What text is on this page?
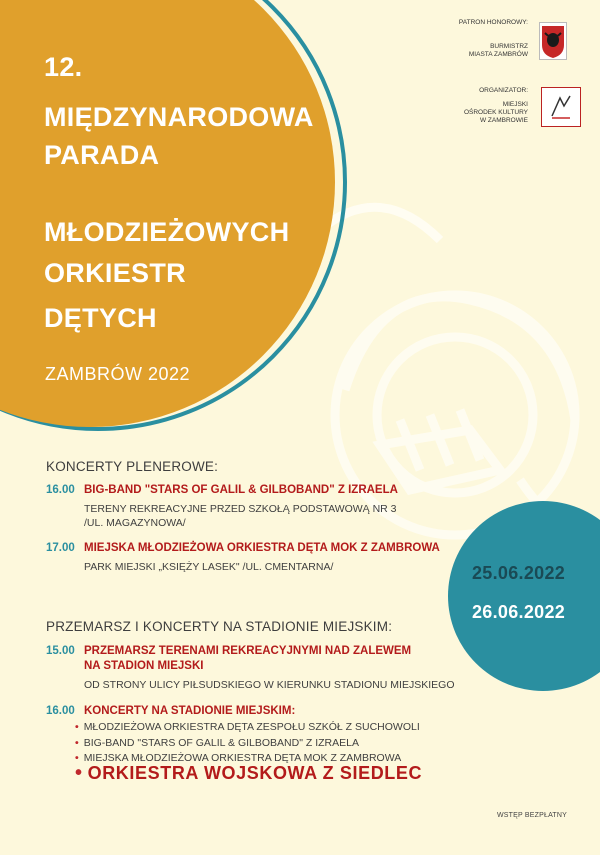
12.

MIĘDZYNARODOWA

PARADA

MŁODZIEŻOWYCH

ORKIESTR

DĘTYCH

ZAMBRÓW 2022
PATRON HONOROWY:
BURMISTRZ
MIASTA ZAMBRÓW
ORGANIZATOR:
MIEJSKI
OŚRODEK KULTURY
W ZAMBROWIE
KONCERTY PLENEROWE:
16.00 BIG-BAND "STARS OF GALIL & GILBOBAND" Z IZRAELA
TERENY REKREACYJNE PRZED SZKOŁĄ PODSTAWOWĄ NR 3
/UL. MAGAZYNOWA/
17.00 MIEJSKA MŁODZIEŻOWA ORKIESTRA DĘTA MOK Z ZAMBROWA
PARK MIEJSKI „KSIĘŻY LASEK" /UL. CMENTARNA/	25.06.2022
26.06.2022
PRZEMARSZ I KONCERTY NA STADIONIE MIEJSKIM:
15.00 PRZEMARSZ TERENAMI REKREACYJNYMI NAD ZALEWEM
NA STADION MIEJSKI
OD STRONY ULICY PIŁSUDSKIEGO W KIERUNKU STADIONU MIEJSKIEGO
16.00 KONCERTY NA STADIONIE MIEJSKIM:
• MŁODZIEŻOWA ORKIESTRA DĘTA ZESPOŁU SZKÓŁ Z SUCHOWOLI
• BIG-BAND "STARS OF GALIL & GILBOBAND" Z IZRAELA
• MIEJSKA MŁODZIEŻOWA ORKIESTRA DĘTA MOK Z ZAMBROWA
• ORKIESTRA WOJSKOWA Z SIEDLEC
WSTĘP BEZPŁATNY
